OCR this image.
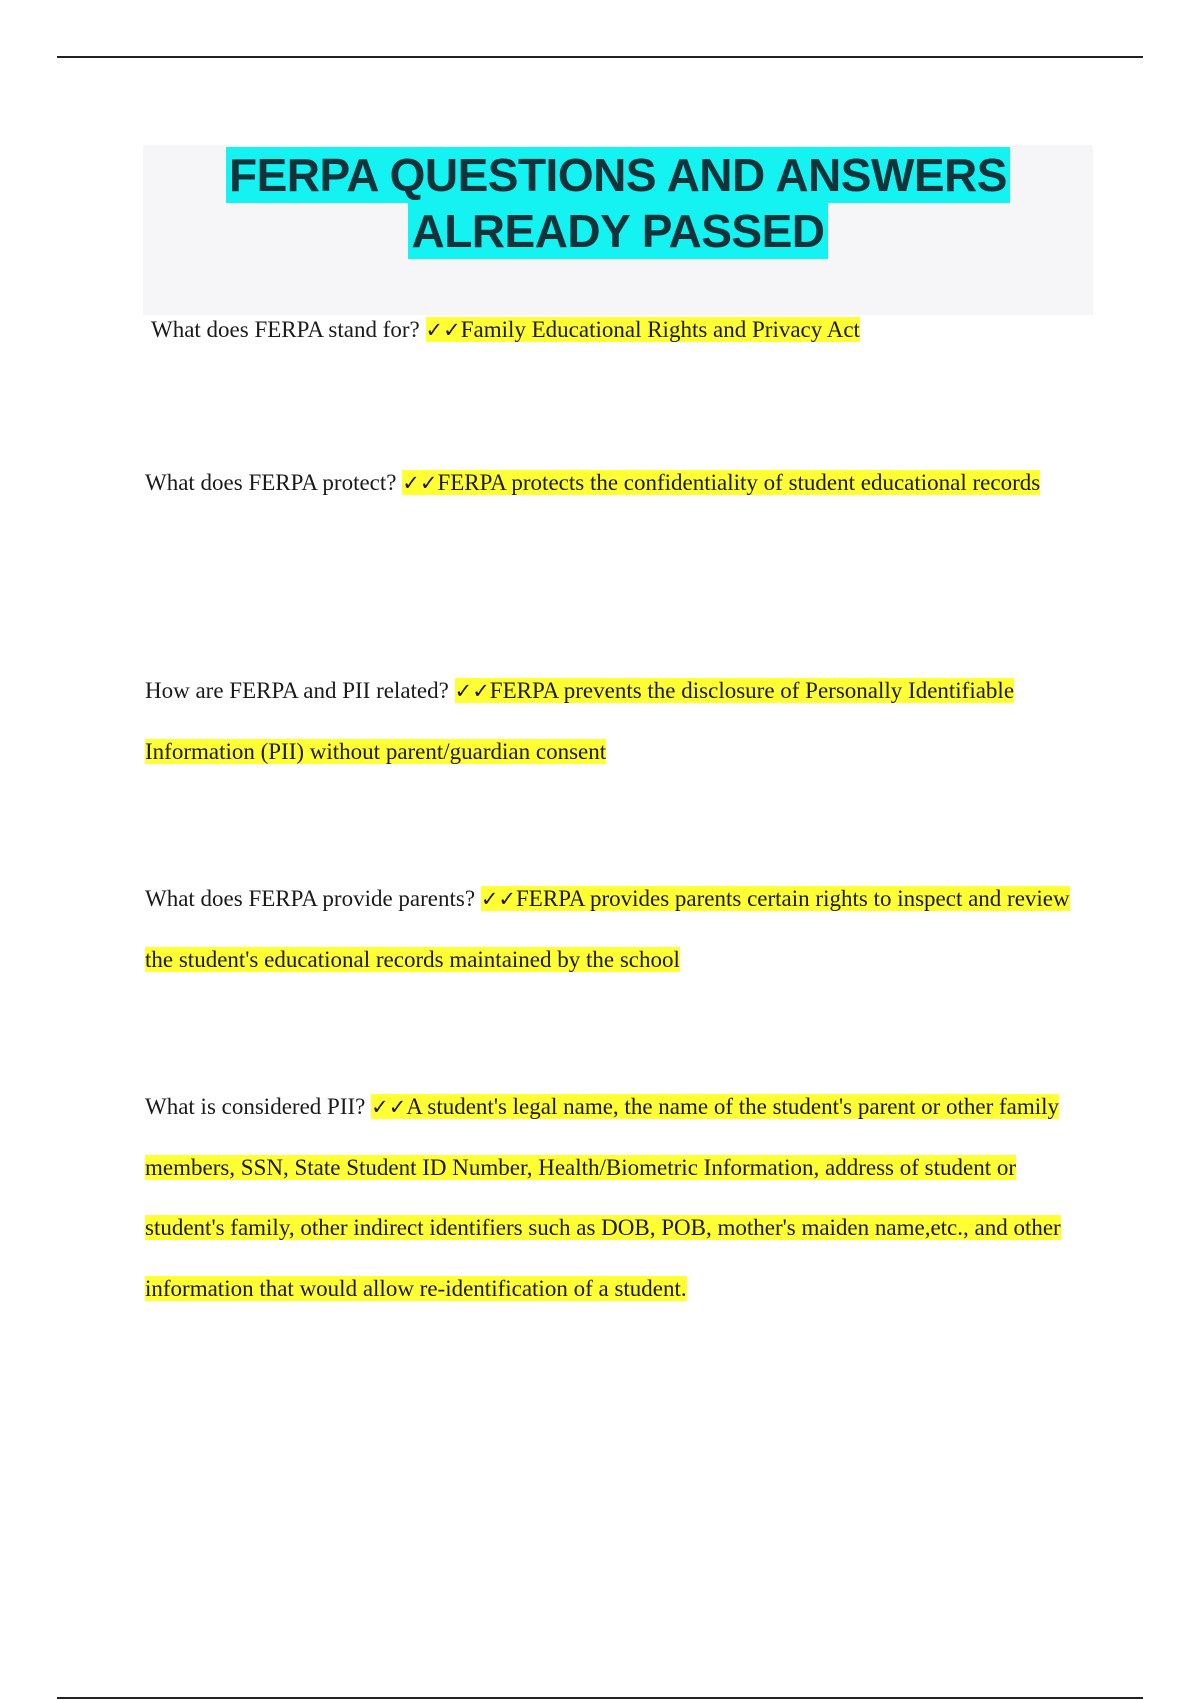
FERPA QUESTIONS AND ANSWERS
ALREADY PASSED

What does FERPA stand for? ✓✓Family Educational Rights and Privacy Act

What does FERPA protect? ✓✓FERPA protects the confidentiality of student educational records

How are FERPA and PII related? ✓✓FERPA prevents the disclosure of Personally Identifiable Information (PII) without parent/guardian consent

What does FERPA provide parents? ✓✓FERPA provides parents certain rights to inspect and review the student's educational records maintained by the school

What is considered PII? ✓✓A student's legal name, the name of the student's parent or other family members, SSN, State Student ID Number, Health/Biometric Information, address of student or student's family, other indirect identifiers such as DOB, POB, mother's maiden name,etc., and other information that would allow re-identification of a student.
